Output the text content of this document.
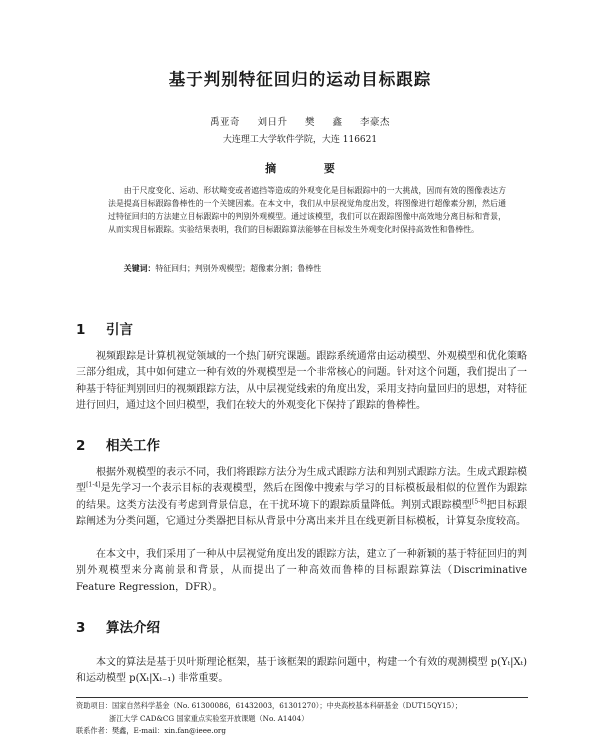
基于判别特征回归的运动目标跟踪
禹亚奇 刘日升 樊 鑫 李豪杰
大连理工大学软件学院，大连 116621
摘 要

由于尺度变化、运动、形状畸变或者遮挡等造成的外观变化是目标跟踪中的一大挑战，因而有效的图像表达方法是提高目标跟踪鲁棒性的一个关键因素。在本文中，我们从中层视觉角度出发，将图像进行超像素分割，然后通过特征回归的方法建立目标跟踪中的判别外观模型。通过该模型，我们可以在跟踪图像中高效地分离目标和背景，从而实现目标跟踪。实验结果表明，我们的目标跟踪算法能够在目标发生外观变化时保持高效性和鲁棒性。

关键词：特征回归；判别外观模型；超像素分割；鲁棒性
1 引言

视频跟踪是计算机视觉领域的一个热门研究课题。跟踪系统通常由运动模型、外观模型和优化策略三部分组成，其中如何建立一种有效的外观模型是一个非常核心的问题。针对这个问题，我们提出了一种基于特征判别回归的视频跟踪方法，从中层视觉线索的角度出发，采用支持向量回归的思想，对特征进行回归，通过这个回归模型，我们在较大的外观变化下保持了跟踪的鲁棒性。

2 相关工作

根据外观模型的表示不同，我们将跟踪方法分为生成式跟踪方法和判别式跟踪方法。生成式跟踪模型[1-4]是先学习一个表示目标的表观模型，然后在图像中搜索与学习的目标模板最相似的位置作为跟踪的结果。这类方法没有考虑到背景信息，在干扰环境下的跟踪质量降低。判别式跟踪模型[5-8]把目标跟踪阐述为分类问题，它通过分类器把目标从背景中分离出来并且在线更新目标模板，计算复杂度较高。

在本文中，我们采用了一种从中层视觉角度出发的跟踪方法，建立了一种新颖的基于特征回归的判别外观模型来分离前景和背景，从而提出了一种高效而鲁棒的目标跟踪算法（Discriminative Feature Regression，DFR）。

3 算法介绍

本文的算法是基于贝叶斯理论框架，基于该框架的跟踪问题中，构建一个有效的观测模型 p(Yₜ|Xₜ)和运动模型 p(Xₜ|Xₜ₋₁) 非常重要。

资助项目：国家自然科学基金（No. 61300086，61432003，61301270）；中央高校基本科研基金（DUT15QY15）；
浙江大学 CAD&CG 国家重点实验室开放课题（No. A1404）
联系作者：樊鑫，E-mail：xin.fan@ieee.org
